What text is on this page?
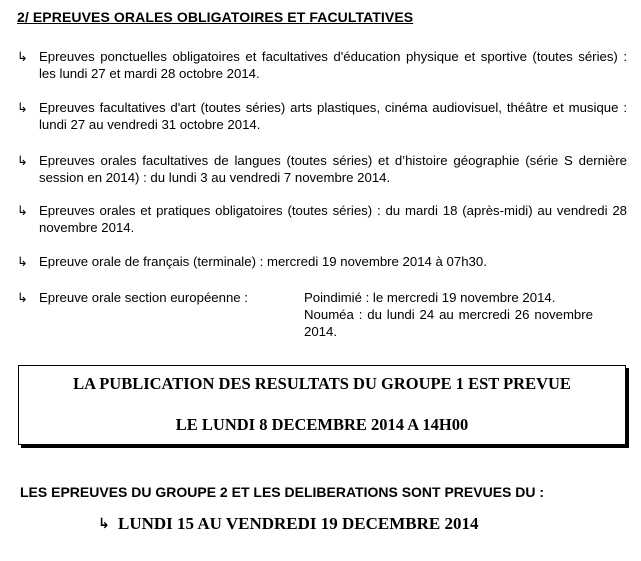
2/ EPREUVES ORALES OBLIGATOIRES ET FACULTATIVES
↳ Epreuves ponctuelles obligatoires et facultatives d'éducation physique et sportive (toutes séries) : les lundi 27 et mardi 28 octobre 2014.
↳ Epreuves facultatives d'art (toutes séries) arts plastiques, cinéma audiovisuel, théâtre et musique : lundi 27 au vendredi 31 octobre 2014.
↳ Epreuves orales facultatives de langues (toutes séries) et d’histoire géographie (série S dernière session en 2014) : du lundi 3 au vendredi 7 novembre 2014.
↳ Epreuves orales et pratiques obligatoires (toutes séries) : du mardi 18 (après-midi) au vendredi 28 novembre 2014.
↳ Epreuve orale de français (terminale) : mercredi 19 novembre 2014 à 07h30.
↳ Epreuve orale section européenne :	Poindimié : le mercredi 19 novembre 2014.
Nouméa : du lundi 24 au mercredi 26 novembre 2014.
LA PUBLICATION DES RESULTATS DU GROUPE 1 EST PREVUE
LE LUNDI 8 DECEMBRE 2014 A 14H00
LES EPREUVES DU GROUPE 2 ET LES DELIBERATIONS SONT PREVUES DU :
↳ LUNDI 15 AU VENDREDI 19 DECEMBRE 2014
